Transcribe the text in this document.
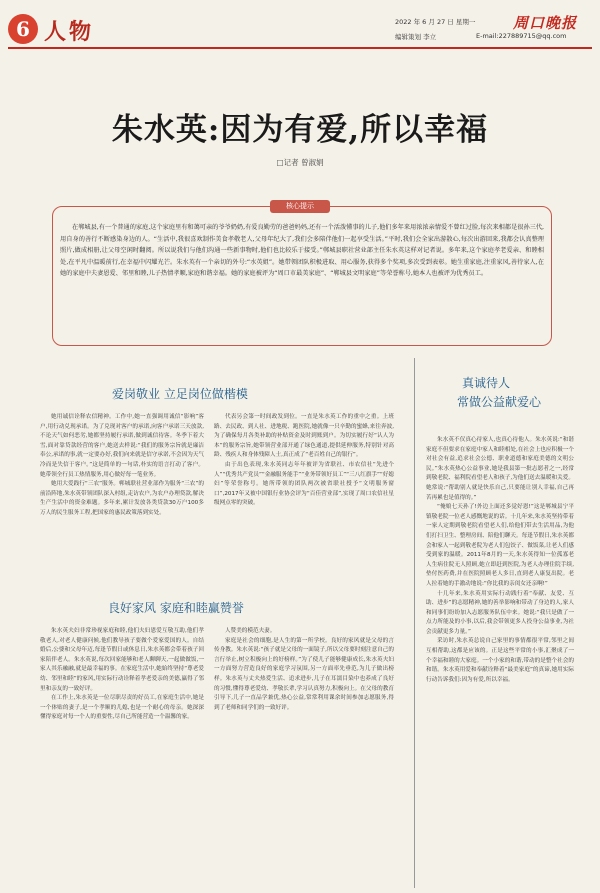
6 人物	2022 年 6 月 27 日 星期一
编辑策划 李立
周口晚报
E-mail:227889715@qq.com
朱水英:因为有爱,所以幸福
□记者 曾淑娟
核心提示
在郸城县,有一个普通的家庭,这个家庭里有和蔼可亲的爷爷奶奶,有爱良勤劳的爸爸妈妈,还有一个活泼懂事的儿子,他们多年来用浓浓亲情爱不曾红过脸,每次来相都是很孙三代,用自身的善行不断感染身边的人。“生活中,我很喜欢制作美食孝敬老人,父母年纪大了,我们会多陪伴他们一起享受生活。”平时,我们会全家出游散心,每次出游回来,我都会认真整理照片,做成相册,让父母空闲时翻阅。所以说我们与他们沟通一些新事物时,他们也比较乐于接受。”郸城县职社营业部主任朱水英这样对记者说。多年来,这个家庭孝老爱亲、和睦相处,在平凡中温暖前行,在幸福中闪耀光芒。朱水英有一个亲切的外号:“水英姐”。她带领团队积极进取、用心服务,获得多个奖项,多次受到表彰。她生重家庭,注重家风,善待家人,在她的家庭中夫妻恩爱、邻里和睦,儿子热情孝顺,家庭和谐幸福。她的家庭被评为“周口市最美家庭”、“郸城县文明家庭”等荣誉称号,她本人也被评为优秀员工。
爱岗敬业 立足岗位做楷模

她用诚信诠释农信精神。工作中,她一直强调用诚信“影响”客户,用行动兑现承诺。为了兑现对客户的承诺,向客户承诺三天放款,不论天气如何恶劣,她都坚持履行承诺,做到诚信待客。冬季下着大雪,面对靠贷款经营的客户,她送去样说:“我们的服务宗旨就是廉洁奉公,承诺的事,就一定要办好,我们向来就是信守承诺,不会因为天气冷而是失信于客户。”这是简单的一句话,朴实的语言打动了客户。她带领全行员工热情服务,用心做好每一笔业务。

她用大爱践行“三农”服务。郸城联社营业部作为服务“三农”的前沿阵地,朱水英带领团队深入村组,走访农户,为农户办理贷款,解决生产生活中的资金难题。多年来,累计发放各类贷款30万户100多万人的民生服务工程,把国家的惠民政策落到实处。

代表另会第一时间政发到位。一直是朱水英工作的重中之重。上班路、去民政、到人社、进地税、跑医院,她就像一只辛勤的蜜蜂,来往奔波,为了确保每月各类补助的补贴资金及时到账到户。为切实履行好“认人为本”的服务宗旨,她带领营业部开通了绿色通道,提供延伸服务,特别针对高龄、残疾人和身体残障人士,真正成了“老百姓自己的银行”。

由于出色表现,朱水英同志年年被评为省联社、市农信社“先进个人”“优秀共产党员”“金融服务能手”“业务带领好员工”“三八红旗手”“好媳妇”等荣誉称号。她所带领的团队两次被省联社授予“文明服务窗口”,2017年又被中国银行业协会评为“百佳营业部”,实现了周口农信社星级网点零的突破。

良好家风 家庭和睦赢赞誉

朱水英夫妇非常珍视家庭和睦,他们夫妇恩爱互敬互助,他们孝敬老人,对老人健康问候,他们教导孩子要做个爱家爱国的人。自结婚后,公婆和父母年迈,每逢节假日或休息日,朱水英都会带着孩子回家陪伴老人。朱水英说,每次回家能够和老人聊聊天,一起做做饭,一家人其乐融融,就是最幸福的事。在家庭生活中,她始终坚持“尊老爱幼、邻里和睦”的家风,用实际行动诠释着孝老爱亲的美德,赢得了邻里和亲友的一致好评。

在工作上,朱水英是一位尽职尽责的好员工,在家庭生活中,她是一个体贴的妻子,是一个孝顺的儿媳,也是一个耐心的母亲。她深深懂得家庭对每一个人的重要性,尽自己所能营造一个温馨的家。

人赞美的模范夫妻。

家庭是社会的细胞,是人生的第一所学校。良好的家风就是父母的言传身教。朱水英说:“孩子就是父母的一面镜子,所以父母要时刻注意自己的言行举止,树立积极向上的好榜样。”为了使儿子能够健康成长,朱水英夫妇一方面努力营造良好的家庭学习氛围,另一方面率先垂范,为儿子做出榜样。朱水英与丈夫热爱生活、追求进步,儿子在耳濡目染中也养成了良好的习惯,懂得尊老爱幼、孝敬长辈,学习认真努力,积极向上。在父母的教育引导下,儿子一直品学兼优,热心公益,常常利用课余时间参加志愿服务,得到了老师和同学们的一致好评。

真诚待人
常做公益献爱心

朱水英不仅真心待家人,也真心待他人。朱水英说:“和谐家庭不但要求在家庭中家人和睦相处,在社会上也应积极一个对社会有益,追求社会公德、职业道德和家庭美德的文明公民。”朱水英热心公益事业,她是我县第一批志愿者之一,经常到敬老院、福利院看望老人和孩子,为他们送去温暖和关爱。她常说:“帮助别人就是快乐自己,只要能让别人幸福,自己再苦再累也是值得的。”

“俺娘七天孙了!外边上面还多觉好恩!”这是郸城县宁平镇敬老院一位老人感慨地说的话。十几年来,朱水英坚持带着一家人定期到敬老院看望老人们,给他们带去生活用品,为他们打扫卫生、整理房间、陪他们聊天。每逢节假日,朱水英都会和家人一起到敬老院为老人们包饺子、做饭菜,让老人们感受到家的温暖。2011年8月的一天,朱水英得知一位孤寡老人生病住院无人照顾,她立即赶到医院,为老人办理住院手续,垫付医药费,并在医院照顾老人多日,直到老人康复出院。老人拉着她的手激动地说:“你比我的亲闺女还亲啊!”

十几年来,朱水英用实际行动践行着“奉献、友爱、互助、进步”的志愿精神,她的善举影响和带动了身边的人,家人和同事们纷纷加入志愿服务队伍中来。她说:“我只是做了一点力所能及的小事,以后,我会带领更多人投身公益事业,为社会贡献更多力量。”

采访时,朱水英总说自己家里的事情都很平常,邻里之间互相帮助,这都是应该的。正是这些平常的小事,汇聚成了一个幸福和睦的大家庭。一个小家的和谐,带动的是整个社会的和谐。朱水英用爱和奉献诠释着“最美家庭”的真谛,她用实际行动告诉我们:因为有爱,所以幸福。
